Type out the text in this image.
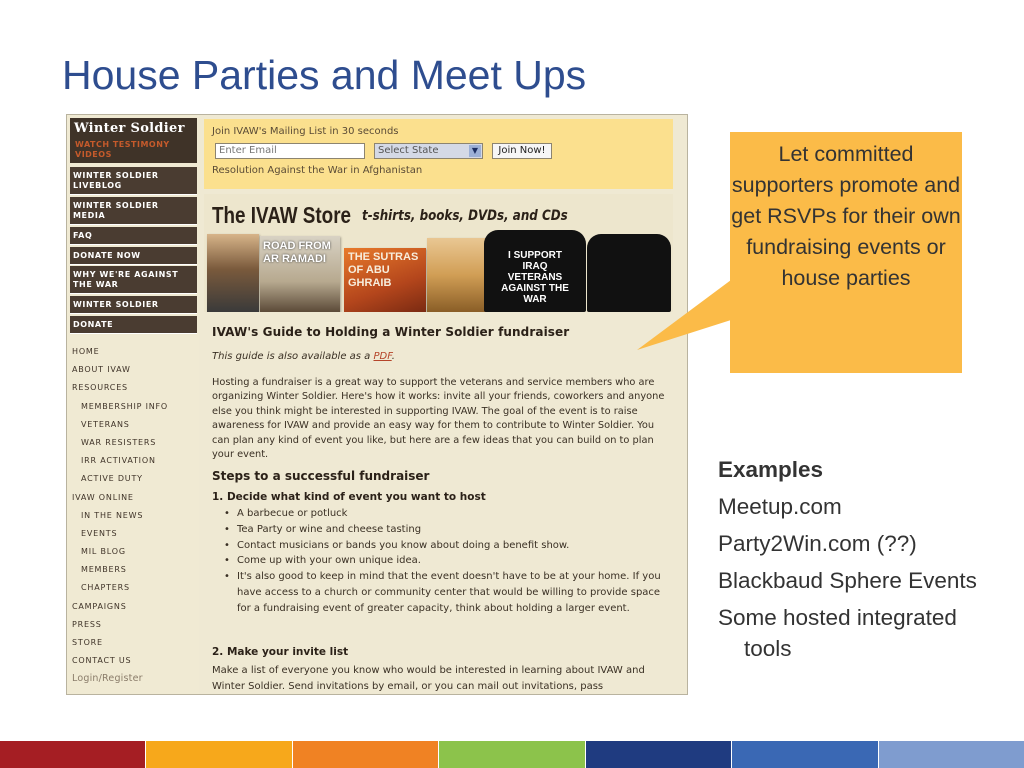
House Parties and Meet Ups
Winter Soldier
WATCH TESTIMONY VIDEOS
WINTER SOLDIER LIVEBLOG
WINTER SOLDIER MEDIA
FAQ
DONATE NOW
WHY WE'RE AGAINST THE WAR
WINTER SOLDIER
DONATE
HOME
ABOUT IVAW
RESOURCES
MEMBERSHIP INFO
VETERANS
WAR RESISTERS
IRR ACTIVATION
ACTIVE DUTY
IVAW ONLINE
IN THE NEWS
EVENTS
MIL BLOG
MEMBERS
CHAPTERS
CAMPAIGNS
PRESS
STORE
CONTACT US
Login/Register
Join IVAW's Mailing List in 30 seconds
Enter Email	Select State	▼	Join Now!
Resolution Against the War in Afghanistan
The IVAW Store t-shirts, books, DVDs, and CDs
ROAD FROM AR RAMADI	THE SUTRAS OF ABU GHRAIB
I SUPPORT IRAQ VETERANS AGAINST THE WAR
IVAW's Guide to Holding a Winter Soldier fundraiser
This guide is also available as a PDF.
Hosting a fundraiser is a great way to support the veterans and service members who are organizing Winter Soldier. Here's how it works: invite all your friends, coworkers and anyone else you think might be interested in supporting IVAW. The goal of the event is to raise awareness for IVAW and provide an easy way for them to contribute to Winter Soldier. You can plan any kind of event you like, but here are a few ideas that you can build on to plan your event.
Steps to a successful fundraiser
1. Decide what kind of event you want to host
• A barbecue or potluck
• Tea Party or wine and cheese tasting
• Contact musicians or bands you know about doing a benefit show.
• Come up with your own unique idea.
• It's also good to keep in mind that the event doesn't have to be at your home. If you have access to a church or community center that would be willing to provide space for a fundraising event of greater capacity, think about holding a larger event.
2. Make your invite list
Make a list of everyone you know who would be interested in learning about IVAW and Winter Soldier. Send invitations by email, or you can mail out invitations, pass
Let committed supporters promote and get RSVPs for their own fundraising events or house parties
Examples
Meetup.com
Party2Win.com (??)
Blackbaud Sphere Events
Some hosted integrated tools
